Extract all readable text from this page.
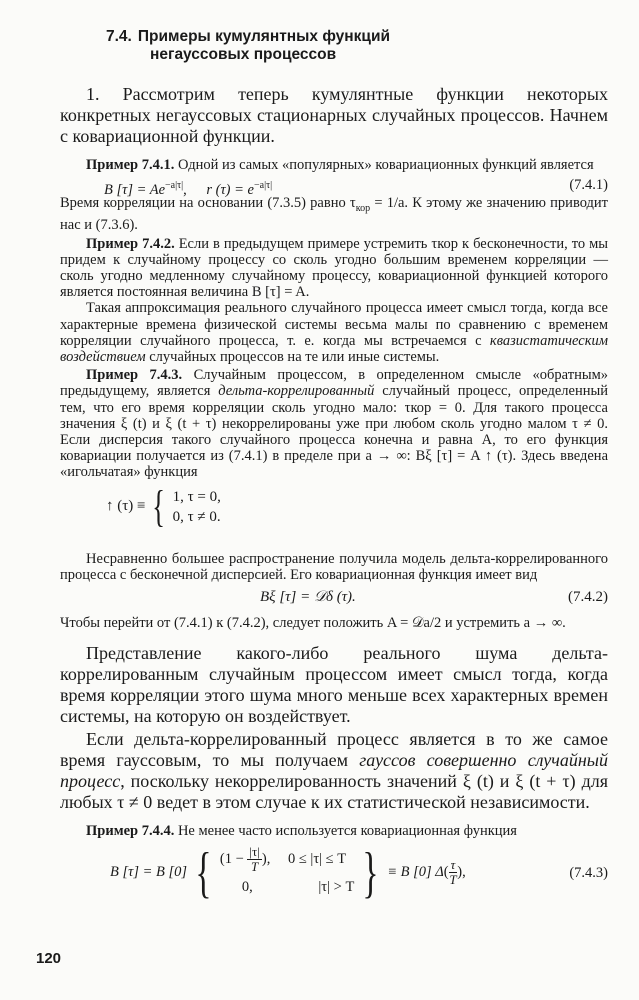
7.4. Примеры кумулянтных функций
негауссовых процессов

1. Рассмотрим теперь кумулянтные функции некоторых конкретных негауссовых стационарных случайных процессов. Начнем с ковариационной функции.

Пример 7.4.1. Одной из самых «популярных» ковариационных функций является

B $[\tau] = Ae^{-a|\tau|}$, r $(\tau) = e^{-a|\tau|}$	(7.4.1)

Время корреляции на основании (7.3.5) равно $\tau_{кор} = 1/a$. К этому же значению приводит нас и (7.3.6).

Пример 7.4.2. Если в предыдущем примере устремить τкор к бесконечности, то мы придем к случайному процессу со сколь угодно большим временем корреляции — сколь угодно медленному случайному процессу, ковариационной функцией которого является постоянная величина B [τ] = A.

Такая аппроксимация реального случайного процесса имеет смысл тогда, когда все характерные времена физической системы весьма малы по сравнению с временем корреляции случайного процесса, т. е. когда мы встречаемся с квазистатическим воздействием случайных процессов на те или иные системы.

Пример 7.4.3. Случайным процессом, в определенном смысле «обратным» предыдущему, является дельта-коррелированный случайный процесс, определенный тем, что его время корреляции сколь угодно мало: τкор = 0. Для такого процесса значения ξ (t) и ξ (t + τ) некоррелированы уже при любом сколь угодно малом τ ≠ 0. Если дисперсия такого случайного процесса конечна и равна A, то его функция ковариации получается из (7.4.1) в пределе при a → ∞: Bξ [τ] = A ↑ (τ). Здесь введена «игольчатая» функция

↑ (τ) ≡ { 1, τ = 0,
0, τ ≠ 0.

Несравненно большее распространение получила модель дельта-коррелированного процесса с бесконечной дисперсией. Его ковариационная функция имеет вид

Bξ [τ] = 𝒟δ (τ).	(7.4.2)

Чтобы перейти от (7.4.1) к (7.4.2), следует положить A = 𝒟a/2 и устремить a → ∞.

Представление какого-либо реального шума дельта-коррелированным случайным процессом имеет смысл тогда, когда время корреляции этого шума много меньше всех характерных времен системы, на которую он воздействует.

Если дельта-коррелированный процесс является в то же самое время гауссовым, то мы получаем гауссов совершенно случайный процесс, поскольку некоррелированность значений ξ (t) и ξ (t + τ) для любых τ ≠ 0 ведет в этом случае к их статистической независимости.

Пример 7.4.4. Не менее часто используется ковариационная функция

B [τ] = B [0] { ($1 - \frac{|\tau|}{T}$ ), 0 ≤ |τ| ≤ T
0,	|τ| > T } ≡ B [0] Δ ( $\frac{\tau}{T}$ ),	(7.4.3)
120
